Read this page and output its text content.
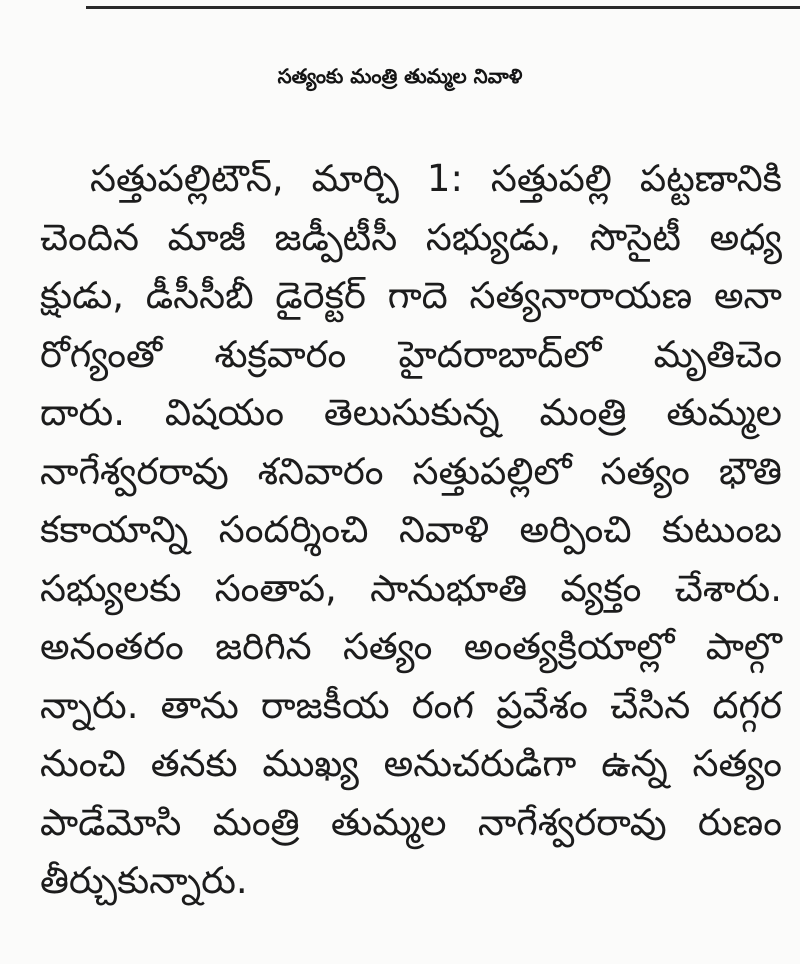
సత్యంకు మంత్రి తుమ్మల నివాళి
సత్తుపల్లిటౌన్, మార్చి 1: సత్తుపల్లి పట్టణానికి
చెందిన మాజీ జడ్పీటీసీ సభ్యుడు, సొసైటీ అధ్య
క్షుడు, డీసీసీబీ డైరెక్టర్ గాదె సత్యనారాయణ అనా
రోగ్యంతో శుక్రవారం హైదరాబాద్‌లో మృతిచెం
దారు. విషయం తెలుసుకున్న మంత్రి తుమ్మల
నాగేశ్వరరావు శనివారం సత్తుపల్లిలో సత్యం భౌతి
కకాయాన్ని సందర్శించి నివాళి అర్పించి కుటుంబ
సభ్యులకు సంతాప, సానుభూతి వ్యక్తం చేశారు.
అనంతరం జరిగిన సత్యం అంత్యక్రియాల్లో పాల్గొ
న్నారు. తాను రాజకీయ రంగ ప్రవేశం చేసిన దగ్గర
నుంచి తనకు ముఖ్య అనుచరుడిగా ఉన్న సత్యం
పాడేమోసి మంత్రి తుమ్మల నాగేశ్వరరావు రుణం
తీర్చుకున్నారు.
